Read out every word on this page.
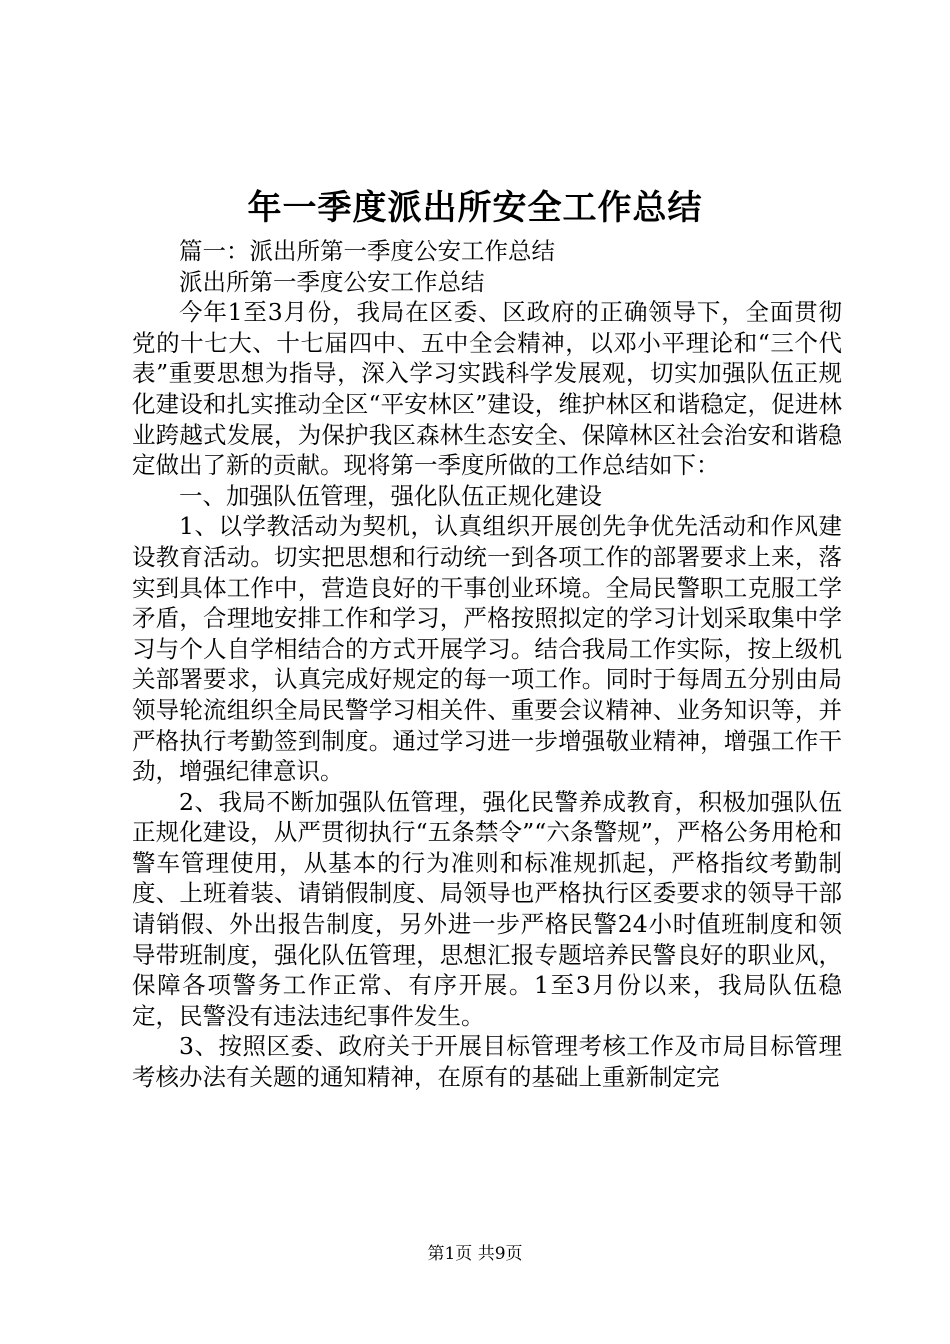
年一季度派出所安全工作总结

篇一：派出所第一季度公安工作总结

派出所第一季度公安工作总结

今年1至3月份，我局在区委、区政府的正确领导下，全面贯彻党的十七大、十七届四中、五中全会精神，以邓小平理论和“三个代表”重要思想为指导，深入学习实践科学发展观，切实加强队伍正规化建设和扎实推动全区“平安林区”建设，维护林区和谐稳定，促进林业跨越式发展，为保护我区森林生态安全、保障林区社会治安和谐稳定做出了新的贡献。现将第一季度所做的工作总结如下：

一、加强队伍管理，强化队伍正规化建设

1、以学教活动为契机，认真组织开展创先争优先活动和作风建设教育活动。切实把思想和行动统一到各项工作的部署要求上来，落实到具体工作中，营造良好的干事创业环境。全局民警职工克服工学矛盾，合理地安排工作和学习，严格按照拟定的学习计划采取集中学习与个人自学相结合的方式开展学习。结合我局工作实际，按上级机关部署要求，认真完成好规定的每一项工作。同时于每周五分别由局领导轮流组织全局民警学习相关件、重要会议精神、业务知识等，并严格执行考勤签到制度。通过学习进一步增强敬业精神，增强工作干劲，增强纪律意识。

2、我局不断加强队伍管理，强化民警养成教育，积极加强队伍正规化建设，从严贯彻执行“五条禁令”“六条警规”，严格公务用枪和警车管理使用，从基本的行为准则和标准规抓起，严格指纹考勤制度、上班着装、请销假制度、局领导也严格执行区委要求的领导干部请销假、外出报告制度，另外进一步严格民警24小时值班制度和领导带班制度，强化队伍管理，思想汇报专题培养民警良好的职业风，保障各项警务工作正常、有序开展。1至3月份以来，我局队伍稳定，民警没有违法违纪事件发生。

3、按照区委、政府关于开展目标管理考核工作及市局目标管理考核办法有关题的通知精神，在原有的基础上重新制定完

第1页 共9页
